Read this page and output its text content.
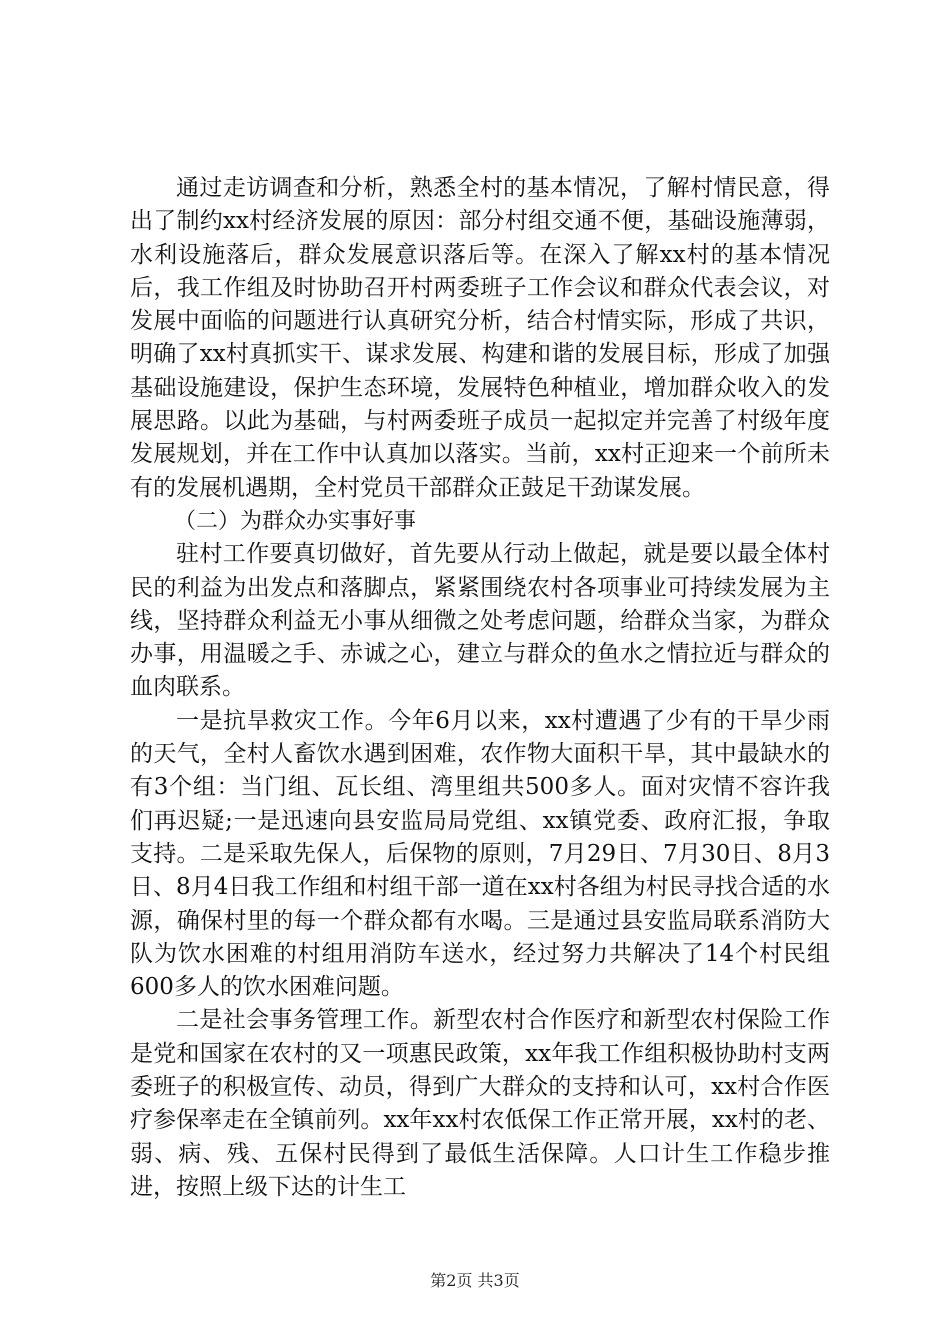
通过走访调查和分析，熟悉全村的基本情况，了解村情民意，得出了制约xx村经济发展的原因：部分村组交通不便，基础设施薄弱，水利设施落后，群众发展意识落后等。在深入了解xx村的基本情况后，我工作组及时协助召开村两委班子工作会议和群众代表会议，对发展中面临的问题进行认真研究分析，结合村情实际，形成了共识，明确了xx村真抓实干、谋求发展、构建和谐的发展目标，形成了加强基础设施建设，保护生态环境，发展特色种植业，增加群众收入的发展思路。以此为基础，与村两委班子成员一起拟定并完善了村级年度发展规划，并在工作中认真加以落实。当前，xx村正迎来一个前所未有的发展机遇期，全村党员干部群众正鼓足干劲谋发展。

（二）为群众办实事好事

驻村工作要真切做好，首先要从行动上做起，就是要以最全体村民的利益为出发点和落脚点，紧紧围绕农村各项事业可持续发展为主线，坚持群众利益无小事从细微之处考虑问题，给群众当家，为群众办事，用温暖之手、赤诚之心，建立与群众的鱼水之情拉近与群众的血肉联系。

一是抗旱救灾工作。今年6月以来，xx村遭遇了少有的干旱少雨的天气，全村人畜饮水遇到困难，农作物大面积干旱，其中最缺水的有3个组：当门组、瓦长组、湾里组共500多人。面对灾情不容许我们再迟疑;一是迅速向县安监局局党组、xx镇党委、政府汇报，争取支持。二是采取先保人，后保物的原则，7月29日、7月30日、8月3日、8月4日我工作组和村组干部一道在xx村各组为村民寻找合适的水源，确保村里的每一个群众都有水喝。三是通过县安监局联系消防大队为饮水困难的村组用消防车送水，经过努力共解决了14个村民组600多人的饮水困难问题。

二是社会事务管理工作。新型农村合作医疗和新型农村保险工作是党和国家在农村的又一项惠民政策，xx年我工作组积极协助村支两委班子的积极宣传、动员，得到广大群众的支持和认可，xx村合作医疗参保率走在全镇前列。xx年xx村农低保工作正常开展，xx村的老、弱、病、残、五保村民得到了最低生活保障。人口计生工作稳步推进，按照上级下达的计生工

第2页 共3页
